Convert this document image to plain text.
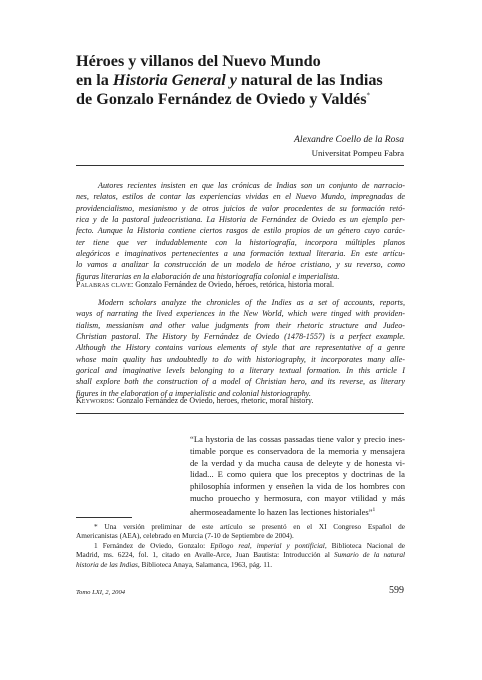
Héroes y villanos del Nuevo Mundo
en la Historia General y natural de las Indias
de Gonzalo Fernández de Oviedo y Valdés*
Alexandre Coello de la Rosa
Universitat Pompeu Fabra
Autores recientes insisten en que las crónicas de Indias son un conjunto de narracio-
nes, relatos, estilos de contar las experiencias vividas en el Nuevo Mundo, impregnadas de
providencialismo, mesianismo y de otros juicios de valor procedentes de su formación retó-
rica y de la pastoral judeocristiana. La Historia de Fernández de Oviedo es un ejemplo per-
fecto. Aunque la Historia contiene ciertos rasgos de estilo propios de un género cuyo carác-
ter tiene que ver indudablemente con la historiografía, incorpora múltiples planos
alegóricos e imaginativos pertenecientes a una formación textual literaria. En este artícu-
lo vamos a analizar la construcción de un modelo de héroe cristiano, y su reverso, como
figuras literarias en la elaboración de una historiografía colonial e imperialista.
Palabras clave: Gonzalo Fernández de Oviedo, héroes, retórica, historia moral.
Modern scholars analyze the chronicles of the Indies as a set of accounts, reports,
ways of narrating the lived experiences in the New World, which were tinged with providen-
tialism, messianism and other value judgments from their rhetoric structure and Judeo-
Christian pastoral. The History by Fernández de Oviedo (1478-1557) is a perfect example.
Although the History contains various elements of style that are representative of a genre
whose main quality has undoubtedly to do with historiography, it incorporates many alle-
gorical and imaginative levels belonging to a literary textual formation. In this article I
shall explore both the construction of a model of Christian hero, and its reverse, as literary
figures in the elaboration of a imperialistic and colonial historiography.
Keywords: Gonzalo Fernández de Oviedo, heroes, rhetoric, moral history.
“La hystoria de las cossas passadas tiene valor y precio ines-
timable porque es conservadora de la memoria y mensajera
de la verdad y da mucha causa de deleyte y de honesta vi-
lidad... E como quiera que los preceptos y doctrinas de la
philosophía informen y enseñen la vida de los hombres con
mucho prouecho y hermosura, con mayor vtilidad y más
ahermoseadamente lo hazen las lectiones historiales”$^1$
* Una versión preliminar de este artículo se presentó en el XI Congreso Español de
Americanistas (AEA), celebrado en Murcia (7-10 de Septiembre de 2004).
1 Fernández de Oviedo, Gonzalo: Epílogo real, imperial y pontificial, Biblioteca Nacional de
Madrid, ms. 6224, fol. 1, citado en Avalle-Arce, Juan Bautista: Introducción al Sumario de la natural
historia de las Indias, Biblioteca Anaya, Salamanca, 1963, pág. 11.
Tomo LXI, 2, 2004	599
